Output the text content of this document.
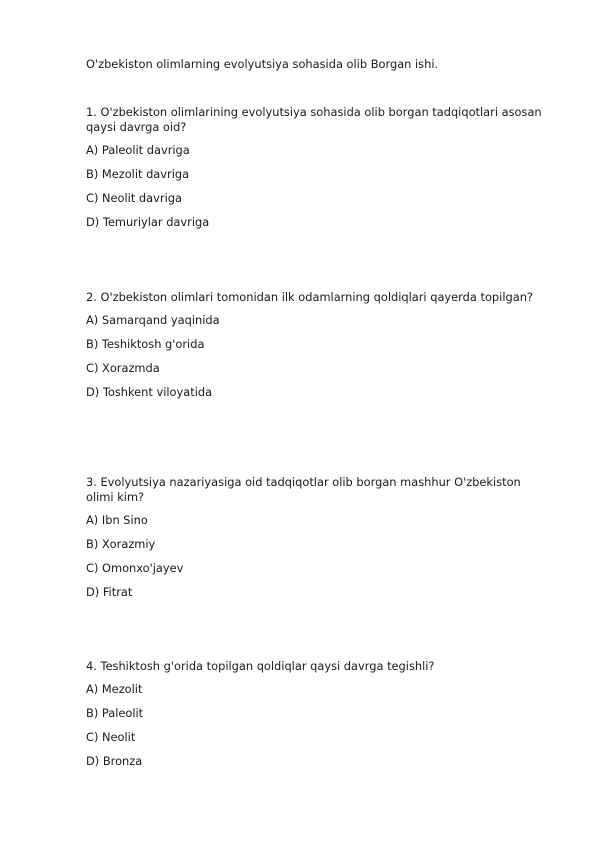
O'zbekiston olimlarning evolyutsiya sohasida olib Borgan ishi.

1. O'zbekiston olimlarining evolyutsiya sohasida olib borgan tadqiqotlari asosan qaysi davrga oid?

A) Paleolit davriga
B) Mezolit davriga
C) Neolit davriga
D) Temuriylar davriga

2. O'zbekiston olimlari tomonidan ilk odamlarning qoldiqlari qayerda topilgan?

A) Samarqand yaqinida
B) Teshiktosh g'orida
C) Xorazmda
D) Toshkent viloyatida

3. Evolyutsiya nazariyasiga oid tadqiqotlar olib borgan mashhur O'zbekiston olimi kim?

A) Ibn Sino
B) Xorazmiy
C) Omonxo'jayev
D) Fitrat

4. Teshiktosh g'orida topilgan qoldiqlar qaysi davrga tegishli?

A) Mezolit
B) Paleolit
C) Neolit
D) Bronza
